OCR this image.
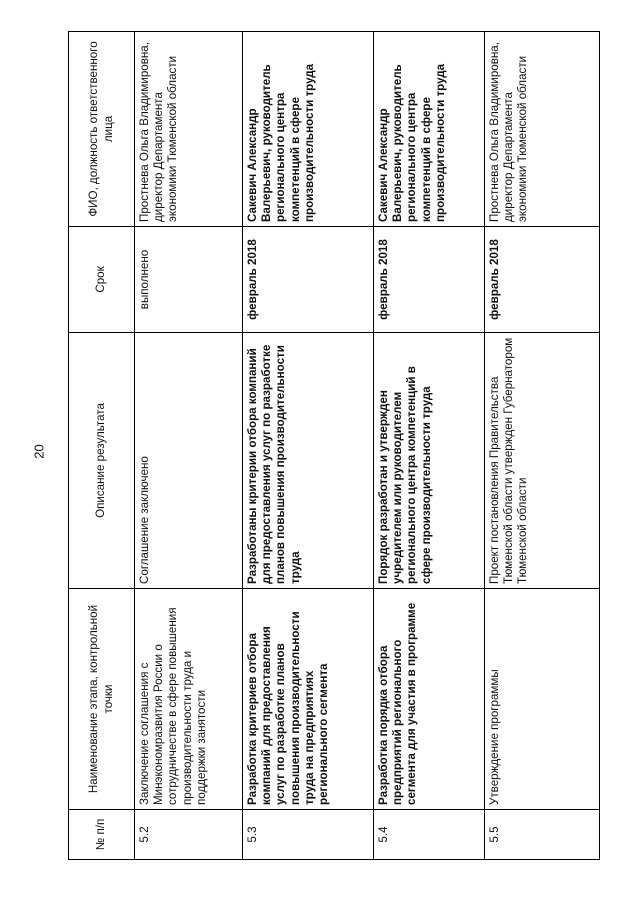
20
№ п/п	Наименование этапа, контрольной точки	Описание результата	Срок	ФИО, должность ответственного лица
5.2	Заключение соглашения с Минэкономразвития России о сотрудничестве в сфере повышения производительности труда и поддержки занятости	Соглашение заключено	выполнено	Простнева Ольга Владимировна, директор Департамента экономики Тюменской области
5.3	Разработка критериев отбора компаний для предоставления услуг по разработке планов повышения производительности труда на предприятиях регионального сегмента	Разработаны критерии отбора компаний для предоставления услуг по разработке планов повышения производительности труда	февраль 2018	Сакевич Александр Валерьевич, руководитель регионального центра компетенций в сфере производительности труда
5.4	Разработка порядка отбора предприятий регионального сегмента для участия в программе	Порядок разработан и утвержден учредителем или руководителем регионального центра компетенций в сфере производительности труда	февраль 2018	Сакевич Александр Валерьевич, руководитель регионального центра компетенций в сфере производительности труда
5.5	Утверждение программы	Проект постановления Правительства Тюменской области утвержден Губернатором Тюменской области	февраль 2018	Простнева Ольга Владимировна, директор Департамента экономики Тюменской области
